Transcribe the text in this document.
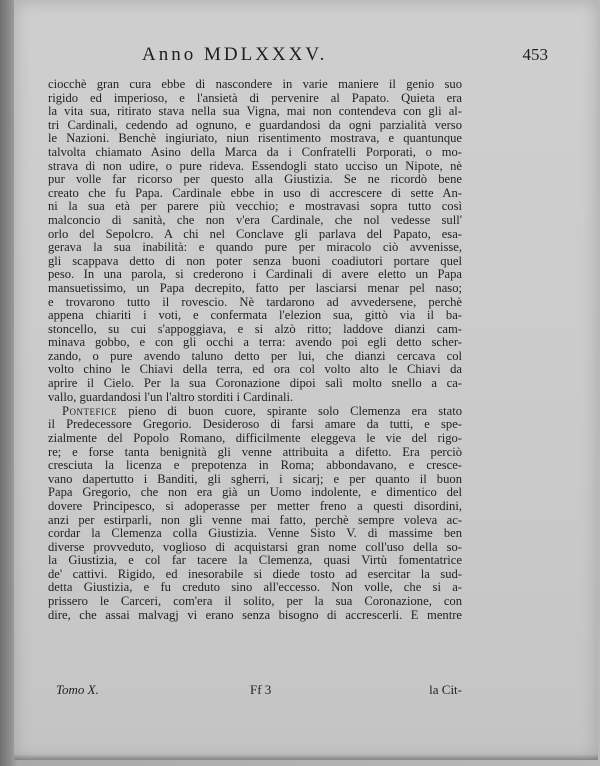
Anno MDLXXXV.	453
ciocchè gran cura ebbe di nascondere in varie maniere il genio suo
rigido ed imperioso, e l'ansietà di pervenire al Papato. Quieta era
la vita sua, ritirato stava nella sua Vigna, mai non contendeva con gli al-
tri Cardinali, cedendo ad ognuno, e guardandosi da ogni parzialità verso
le Nazioni. Benchè ingiuriato, niun risentimento mostrava, e quantunque
talvolta chiamato Asino della Marca da i Confratelli Porporati, o mo-
strava di non udire, o pure rideva. Essendogli stato ucciso un Nipote, nè
pur volle far ricorso per questo alla Giustizia. Se ne ricordò bene
creato che fu Papa. Cardinale ebbe in uso di accrescere di sette An-
ni la sua età per parere più vecchio; e mostravasi sopra tutto così
malconcio di sanità, che non v'era Cardinale, che nol vedesse sull'
orlo del Sepolcro. A chi nel Conclave gli parlava del Papato, esa-
gerava la sua inabilità: e quando pure per miracolo ciò avvenisse,
gli scappava detto di non poter senza buoni coadiutori portare quel
peso. In una parola, si crederono i Cardinali di avere eletto un Papa
mansuetissimo, un Papa decrepito, fatto per lasciarsi menar pel naso;
e trovarono tutto il rovescio. Nè tardarono ad avvedersene, perchè
appena chiariti i voti, e confermata l'elezion sua, gittò via il ba-
stoncello, su cui s'appoggiava, e si alzò ritto; laddove dianzi cam-
minava gobbo, e con gli occhi a terra: avendo poi egli detto scher-
zando, o pure avendo taluno detto per lui, che dianzi cercava col
volto chino le Chiavi della terra, ed ora col volto alto le Chiavi da
aprire il Cielo. Per la sua Coronazione dipoi salì molto snello a ca-
vallo, guardandosi l'un l'altro storditi i Cardinali.
Pontefice pieno di buon cuore, spirante solo Clemenza era stato
il Predecessore Gregorio. Desideroso di farsi amare da tutti, e spe-
zialmente del Popolo Romano, difficilmente eleggeva le vie del rigo-
re; e forse tanta benignità gli venne attribuita a difetto. Era perciò
cresciuta la licenza e prepotenza in Roma; abbondavano, e cresce-
vano dapertutto i Banditi, gli sgherri, i sicarj; e per quanto il buon
Papa Gregorio, che non era già un Uomo indolente, e dimentico del
dovere Principesco, si adoperasse per metter freno a questi disordini,
anzi per estirparli, non gli venne mai fatto, perchè sempre voleva ac-
cordar la Clemenza colla Giustizia. Venne Sisto V. di massime ben
diverse provveduto, voglioso di acquistarsi gran nome coll'uso della so-
la Giustizia, e col far tacere la Clemenza, quasi Virtù fomentatrice
de' cattivi. Rigido, ed inesorabile si diede tosto ad esercitar la sud-
detta Giustizia, e fu creduto sino all'eccesso. Non volle, che si a-
prissero le Carceri, com'era il solito, per la sua Coronazione, con
dire, che assai malvagj vi erano senza bisogno di accrescerli. E mentre
Tomo X.	Ff 3	la Cit-
